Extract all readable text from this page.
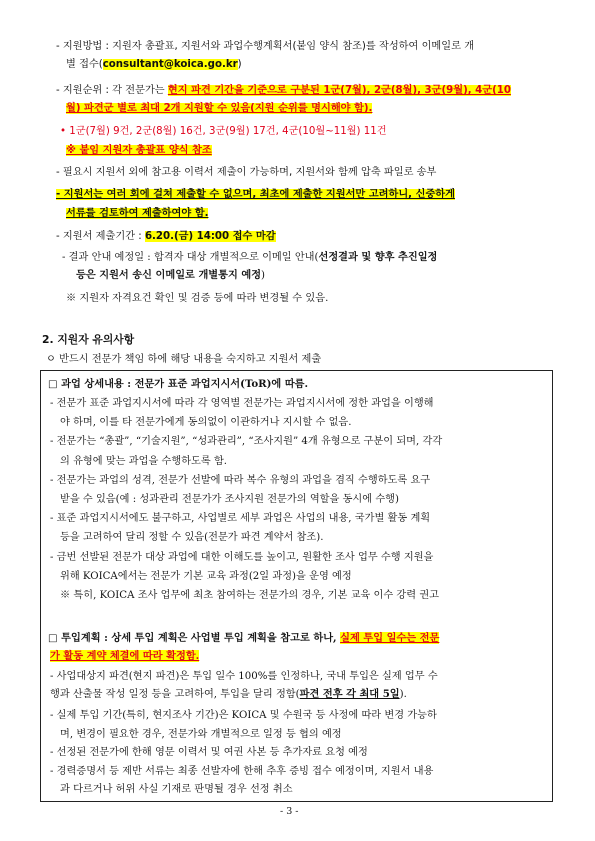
- 지원방법 : 지원자 총괄표, 지원서와 과업수행계획서(붙임 양식 참조)를 작성하여 이메일로 개
별 접수(consultant@koica.go.kr)
- 지원순위 : 각 전문가는 현지 파견 기간을 기준으로 구분된 1군(7월), 2군(8월), 3군(9월), 4군(10
월) 파견군 별로 최대 2개 지원할 수 있음(지원 순위를 명시해야 함).
• 1군(7월) 9건, 2군(8월) 16건, 3군(9월) 17건, 4군(10월~11월) 11건
※ 붙임 지원자 총괄표 양식 참조
- 필요시 지원서 외에 참고용 이력서 제출이 가능하며, 지원서와 함께 압축 파일로 송부
- 지원서는 여러 회에 걸쳐 제출할 수 없으며, 최초에 제출한 지원서만 고려하니, 신중하게
서류를 검토하여 제출하여야 함.
- 지원서 제출기간 : 6.20.(금) 14:00 접수 마감
- 결과 안내 예정일 : 합격자 대상 개별적으로 이메일 안내(선정결과 및 향후 추진일정
등은 지원서 송신 이메일로 개별통지 예정)
※ 지원자 자격요건 확인 및 검증 등에 따라 변경될 수 있음.
2. 지원자 유의사항
ㅇ 반드시 전문가 책임 하에 해당 내용을 숙지하고 지원서 제출
□ 과업 상세내용 : 전문가 표준 과업지시서(ToR)에 따름.
- 전문가 표준 과업지시서에 따라 각 영역별 전문가는 과업지시서에 정한 과업을 이행해
야 하며, 이를 타 전문가에게 동의없이 이관하거나 지시할 수 없음.
- 전문가는 “총괄”, “기술지원”, “성과관리”, “조사지원” 4개 유형으로 구분이 되며, 각각
의 유형에 맞는 과업을 수행하도록 함.
- 전문가는 과업의 성격, 전문가 선발에 따라 복수 유형의 과업을 겸직 수행하도록 요구
받을 수 있음(예 : 성과관리 전문가가 조사지원 전문가의 역할을 동시에 수행)
- 표준 과업지시서에도 불구하고, 사업별로 세부 과업은 사업의 내용, 국가별 활동 계획
등을 고려하여 달리 정할 수 있음(전문가 파견 계약서 참조).
- 금번 선발된 전문가 대상 과업에 대한 이해도를 높이고, 원활한 조사 업무 수행 지원을
위해 KOICA에서는 전문가 기본 교육 과정(2일 과정)을 운영 예정
※ 특히, KOICA 조사 업무에 최초 참여하는 전문가의 경우, 기본 교육 이수 강력 권고
□ 투입계획 : 상세 투입 계획은 사업별 투입 계획을 참고로 하나, 실제 투입 일수는 전문
가 활동 계약 체결에 따라 확정함.
- 사업대상지 파견(현지 파견)은 투입 일수 100%를 인정하나, 국내 투입은 실제 업무 수
행과 산출물 작성 일정 등을 고려하여, 투입을 달리 정함(파견 전후 각 최대 5일).
- 실제 투입 기간(특히, 현지조사 기간)은 KOICA 및 수원국 등 사정에 따라 변경 가능하
며, 변경이 필요한 경우, 전문가와 개별적으로 일정 등 협의 예정
- 선정된 전문가에 한해 영문 이력서 및 여권 사본 등 추가자료 요청 예정
- 경력증명서 등 제반 서류는 최종 선발자에 한해 추후 증빙 접수 예정이며, 지원서 내용
과 다르거나 허위 사실 기재로 판명될 경우 선정 취소
- 3 -
